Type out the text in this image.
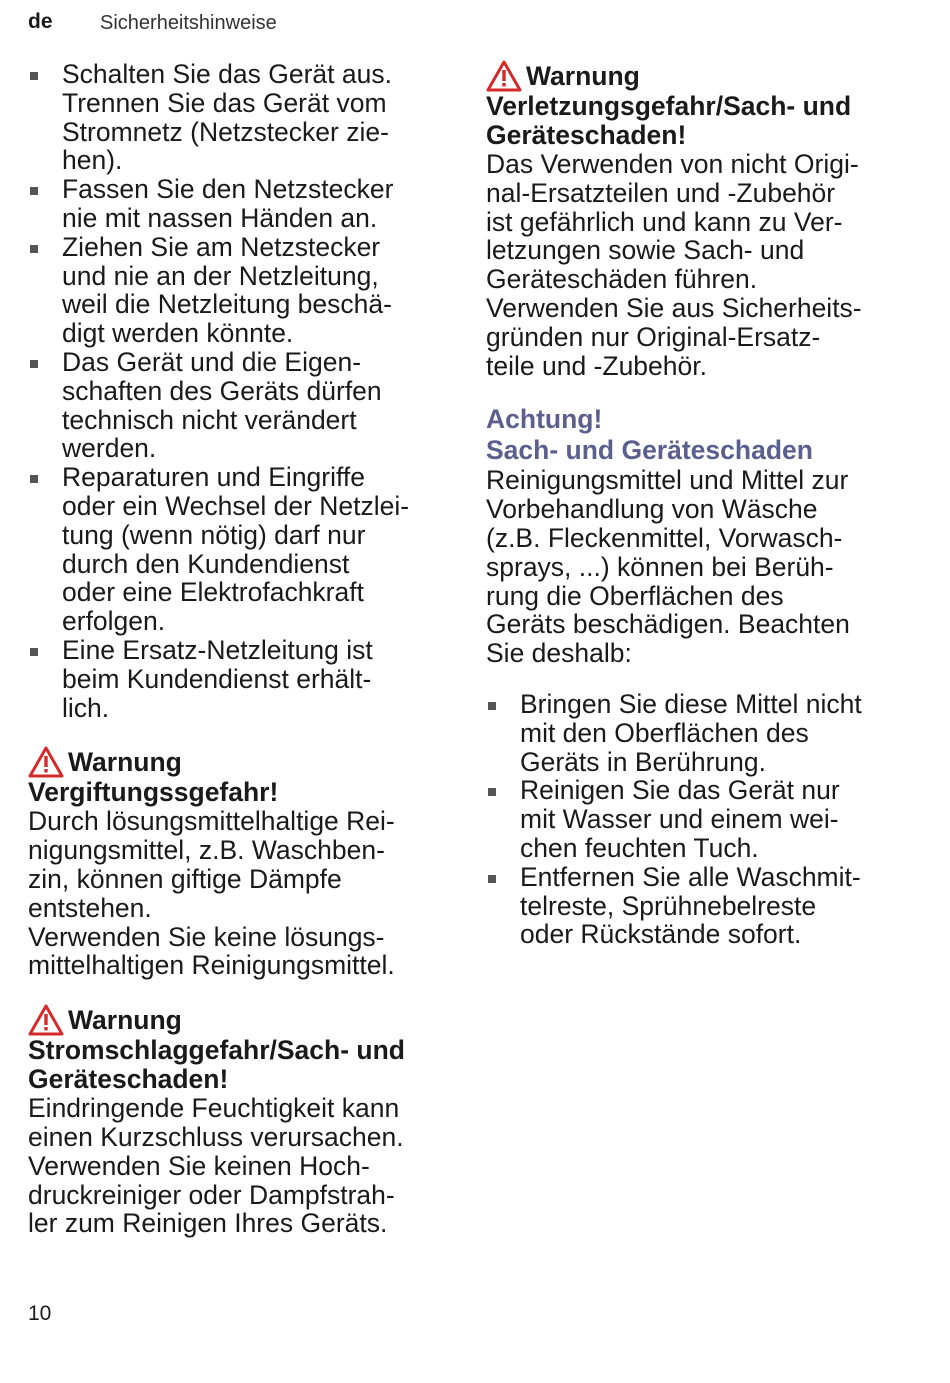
de Sicherheitshinweise
Schalten Sie das Gerät aus.
Trennen Sie das Gerät vom
Stromnetz (Netzstecker zie-
hen).
Fassen Sie den Netzstecker
nie mit nassen Händen an.
Ziehen Sie am Netzstecker
und nie an der Netzleitung,
weil die Netzleitung beschä-
digt werden könnte.
Das Gerät und die Eigen-
schaften des Geräts dürfen
technisch nicht verändert
werden.
Reparaturen und Eingriffe
oder ein Wechsel der Netzlei-
tung (wenn nötig) darf nur
durch den Kundendienst
oder eine Elektrofachkraft
erfolgen.
Eine Ersatz-Netzleitung ist
beim Kundendienst erhält-
lich.
Warnung
Vergiftungssgefahr!
Durch lösungsmittelhaltige Rei-
nigungsmittel, z.B. Waschben-
zin, können giftige Dämpfe
entstehen.
Verwenden Sie keine lösungs-
mittelhaltigen Reinigungsmittel.
Warnung
Stromschlaggefahr/Sach- und
Geräteschaden!
Eindringende Feuchtigkeit kann
einen Kurzschluss verursachen.
Verwenden Sie keinen Hoch-
druckreiniger oder Dampfstrah-
ler zum Reinigen Ihres Geräts.
Warnung
Verletzungsgefahr/Sach- und
Geräteschaden!
Das Verwenden von nicht Origi-
nal-Ersatzteilen und -Zubehör
ist gefährlich und kann zu Ver-
letzungen sowie Sach- und
Geräteschäden führen.
Verwenden Sie aus Sicherheits-
gründen nur Original-Ersatz-
teile und -Zubehör.
Achtung!
Sach- und Geräteschaden
Reinigungsmittel und Mittel zur
Vorbehandlung von Wäsche
(z.B. Fleckenmittel, Vorwasch-
sprays, ...) können bei Berüh-
rung die Oberflächen des
Geräts beschädigen. Beachten
Sie deshalb:
Bringen Sie diese Mittel nicht
mit den Oberflächen des
Geräts in Berührung.
Reinigen Sie das Gerät nur
mit Wasser und einem wei-
chen feuchten Tuch.
Entfernen Sie alle Waschmit-
telreste, Sprühnebelreste
oder Rückstände sofort.
10
